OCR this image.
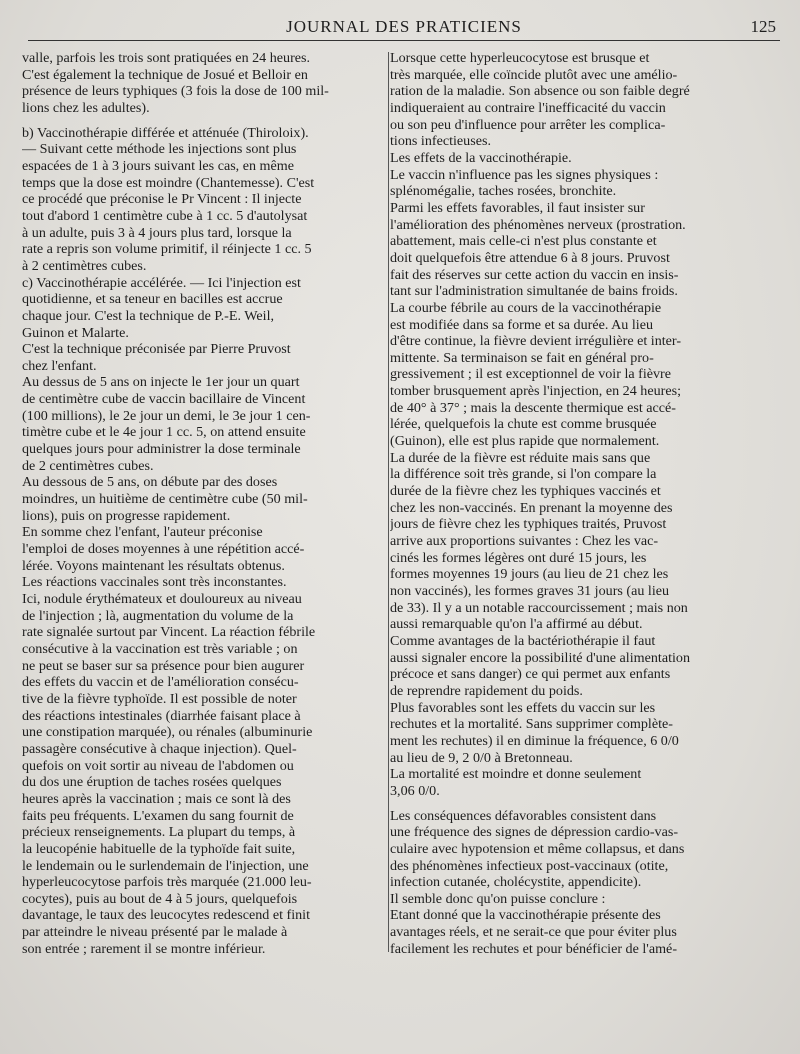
JOURNAL DES PRATICIENS	125
valle, parfois les trois sont pratiquées en 24 heures.
C'est également la technique de Josué et Belloir en
présence de leurs typhiques (3 fois la dose de 100 mil-
lions chez les adultes).
b) Vaccinothérapie différée et atténuée (Thiroloix).
— Suivant cette méthode les injections sont plus
espacées de 1 à 3 jours suivant les cas, en même
temps que la dose est moindre (Chantemesse). C'est
ce procédé que préconise le Pr Vincent : Il injecte
tout d'abord 1 centimètre cube à 1 cc. 5 d'autolysat
à un adulte, puis 3 à 4 jours plus tard, lorsque la
rate a repris son volume primitif, il réinjecte 1 cc. 5
à 2 centimètres cubes.
c) Vaccinothérapie accélérée. — Ici l'injection est
quotidienne, et sa teneur en bacilles est accrue
chaque jour. C'est la technique de P.-E. Weil,
Guinon et Malarte.
C'est la technique préconisée par Pierre Pruvost
chez l'enfant.
Au dessus de 5 ans on injecte le 1er jour un quart
de centimètre cube de vaccin bacillaire de Vincent
(100 millions), le 2e jour un demi, le 3e jour 1 cen-
timètre cube et le 4e jour 1 cc. 5, on attend ensuite
quelques jours pour administrer la dose terminale
de 2 centimètres cubes.
Au dessous de 5 ans, on débute par des doses
moindres, un huitième de centimètre cube (50 mil-
lions), puis on progresse rapidement.
En somme chez l'enfant, l'auteur préconise
l'emploi de doses moyennes à une répétition accé-
lérée. Voyons maintenant les résultats obtenus.
Les réactions vaccinales sont très inconstantes.
Ici, nodule érythémateux et douloureux au niveau
de l'injection ; là, augmentation du volume de la
rate signalée surtout par Vincent. La réaction fébrile
consécutive à la vaccination est très variable ; on
ne peut se baser sur sa présence pour bien augurer
des effets du vaccin et de l'amélioration consécu-
tive de la fièvre typhoïde. Il est possible de noter
des réactions intestinales (diarrhée faisant place à
une constipation marquée), ou rénales (albuminurie
passagère consécutive à chaque injection). Quel-
quefois on voit sortir au niveau de l'abdomen ou
du dos une éruption de taches rosées quelques
heures après la vaccination ; mais ce sont là des
faits peu fréquents. L'examen du sang fournit de
précieux renseignements. La plupart du temps, à
la leucopénie habituelle de la typhoïde fait suite,
le lendemain ou le surlendemain de l'injection, une
hyperleucocytose parfois très marquée (21.000 leu-
cocytes), puis au bout de 4 à 5 jours, quelquefois
davantage, le taux des leucocytes redescend et finit
par atteindre le niveau présenté par le malade à
son entrée ; rarement il se montre inférieur.
Lorsque cette hyperleucocytose est brusque et
très marquée, elle coïncide plutôt avec une amélio-
ration de la maladie. Son absence ou son faible degré
indiqueraient au contraire l'inefficacité du vaccin
ou son peu d'influence pour arrêter les complica-
tions infectieuses.
Les effets de la vaccinothérapie.
Le vaccin n'influence pas les signes physiques :
splénomégalie, taches rosées, bronchite.
Parmi les effets favorables, il faut insister sur
l'amélioration des phénomènes nerveux (prostration.
abattement, mais celle-ci n'est plus constante et
doit quelquefois être attendue 6 à 8 jours. Pruvost
fait des réserves sur cette action du vaccin en insis-
tant sur l'administration simultanée de bains froids.
La courbe fébrile au cours de la vaccinothérapie
est modifiée dans sa forme et sa durée. Au lieu
d'être continue, la fièvre devient irrégulière et inter-
mittente. Sa terminaison se fait en général pro-
gressivement ; il est exceptionnel de voir la fièvre
tomber brusquement après l'injection, en 24 heures;
de 40° à 37° ; mais la descente thermique est accé-
lérée, quelquefois la chute est comme brusquée
(Guinon), elle est plus rapide que normalement.
La durée de la fièvre est réduite mais sans que
la différence soit très grande, si l'on compare la
durée de la fièvre chez les typhiques vaccinés et
chez les non-vaccinés. En prenant la moyenne des
jours de fièvre chez les typhiques traités, Pruvost
arrive aux proportions suivantes : Chez les vac-
cinés les formes légères ont duré 15 jours, les
formes moyennes 19 jours (au lieu de 21 chez les
non vaccinés), les formes graves 31 jours (au lieu
de 33). Il y a un notable raccourcissement ; mais non
aussi remarquable qu'on l'a affirmé au début.
Comme avantages de la bactériothérapie il faut
aussi signaler encore la possibilité d'une alimentation
précoce et sans danger) ce qui permet aux enfants
de reprendre rapidement du poids.
Plus favorables sont les effets du vaccin sur les
rechutes et la mortalité. Sans supprimer complète-
ment les rechutes) il en diminue la fréquence, 6 0/0
au lieu de 9, 2 0/0 à Bretonneau.
La mortalité est moindre et donne seulement
3,06 0/0.
Les conséquences défavorables consistent dans
une fréquence des signes de dépression cardio-vas-
culaire avec hypotension et même collapsus, et dans
des phénomènes infectieux post-vaccinaux (otite,
infection cutanée, cholécystite, appendicite).
Il semble donc qu'on puisse conclure :
Etant donné que la vaccinothérapie présente des
avantages réels, et ne serait-ce que pour éviter plus
facilement les rechutes et pour bénéficier de l'amé-
